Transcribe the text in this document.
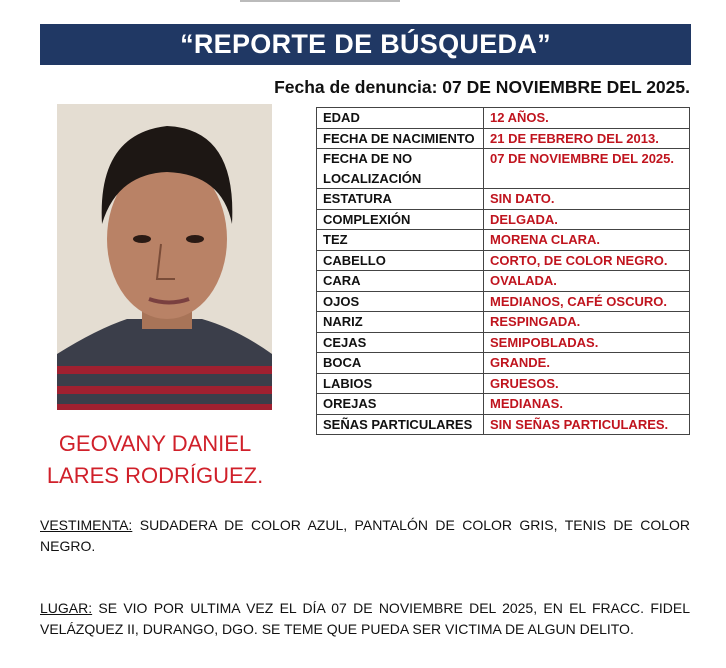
“REPORTE DE BÚSQUEDA”
Fecha de denuncia: 07 DE NOVIEMBRE DEL 2025.
GEOVANY DANIEL
LARES RODRÍGUEZ.
EDAD	12 AÑOS.
FECHA DE NACIMIENTO	21 DE FEBRERO DEL 2013.
FECHA DE NO LOCALIZACIÓN	07 DE NOVIEMBRE DEL 2025.
ESTATURA	SIN DATO.
COMPLEXIÓN	DELGADA.
TEZ	MORENA CLARA.
CABELLO	CORTO, DE COLOR NEGRO.
CARA	OVALADA.
OJOS	MEDIANOS, CAFÉ OSCURO.
NARIZ	RESPINGADA.
CEJAS	SEMIPOBLADAS.
BOCA	GRANDE.
LABIOS	GRUESOS.
OREJAS	MEDIANAS.
SEÑAS PARTICULARES	SIN SEÑAS PARTICULARES.
VESTIMENTA: SUDADERA DE COLOR AZUL, PANTALÓN DE COLOR GRIS, TENIS DE COLOR NEGRO.
LUGAR: SE VIO POR ULTIMA VEZ EL DÍA 07 DE NOVIEMBRE DEL 2025, EN EL FRACC. FIDEL VELÁZQUEZ II, DURANGO, DGO. SE TEME QUE PUEDA SER VICTIMA DE ALGUN DELITO.
